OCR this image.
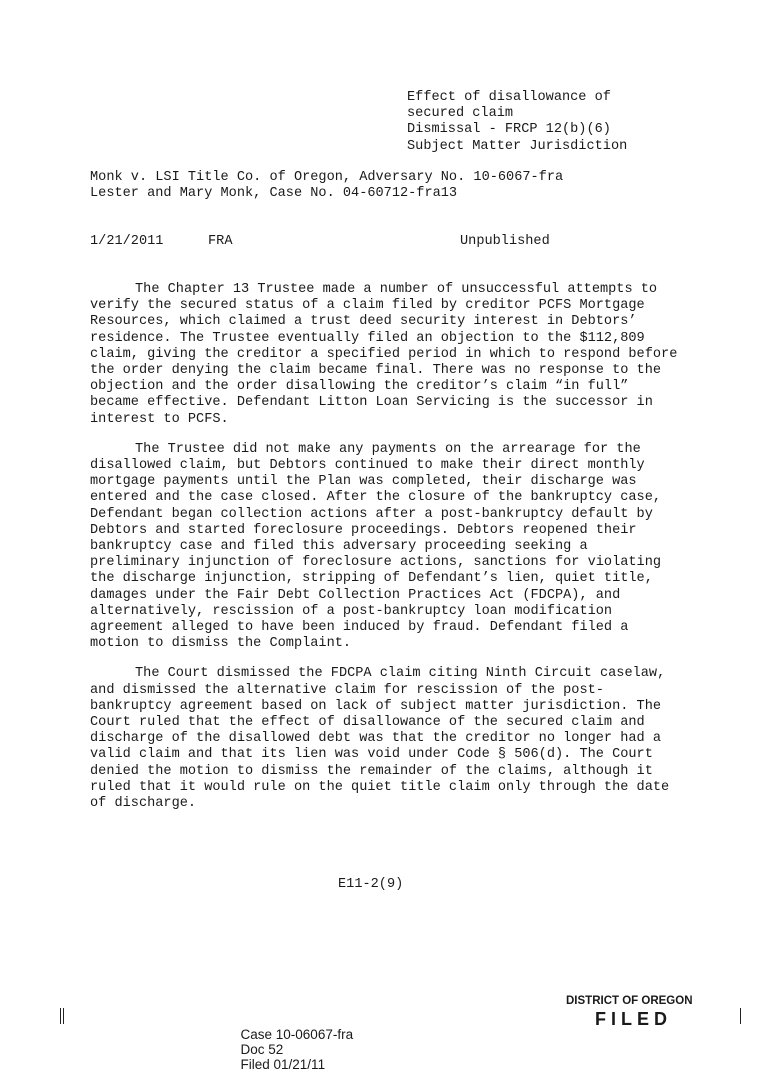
Effect of disallowance of
secured claim
Dismissal - FRCP 12(b)(6)
Subject Matter Jurisdiction
Monk v. LSI Title Co. of Oregon, Adversary No. 10-6067-fra
Lester and Mary Monk, Case No. 04-60712-fra13
1/21/2011	FRA	Unpublished

The Chapter 13 Trustee made a number of unsuccessful attempts to verify the secured status of a claim filed by creditor PCFS Mortgage Resources, which claimed a trust deed security interest in Debtors’ residence. The Trustee eventually filed an objection to the $112,809 claim, giving the creditor a specified period in which to respond before the order denying the claim became final. There was no response to the objection and the order disallowing the creditor’s claim “in full” became effective. Defendant Litton Loan Servicing is the successor in interest to PCFS.

The Trustee did not make any payments on the arrearage for the disallowed claim, but Debtors continued to make their direct monthly mortgage payments until the Plan was completed, their discharge was entered and the case closed. After the closure of the bankruptcy case, Defendant began collection actions after a post-bankruptcy default by Debtors and started foreclosure proceedings. Debtors reopened their bankruptcy case and filed this adversary proceeding seeking a preliminary injunction of foreclosure actions, sanctions for violating the discharge injunction, stripping of Defendant’s lien, quiet title, damages under the Fair Debt Collection Practices Act (FDCPA), and alternatively, rescission of a post-bankruptcy loan modification agreement alleged to have been induced by fraud. Defendant filed a motion to dismiss the Complaint.

The Court dismissed the FDCPA claim citing Ninth Circuit caselaw, and dismissed the alternative claim for rescission of the post-bankruptcy agreement based on lack of subject matter jurisdiction. The Court ruled that the effect of disallowance of the secured claim and discharge of the disallowed debt was that the creditor no longer had a valid claim and that its lien was void under Code § 506(d). The Court denied the motion to dismiss the remainder of the claims, although it ruled that it would rule on the quiet title claim only through the date of discharge.

E11-2(9)
DISTRICT OF OREGON
FILED

Case 10-06067-fra
Doc 52
Filed 01/21/11
